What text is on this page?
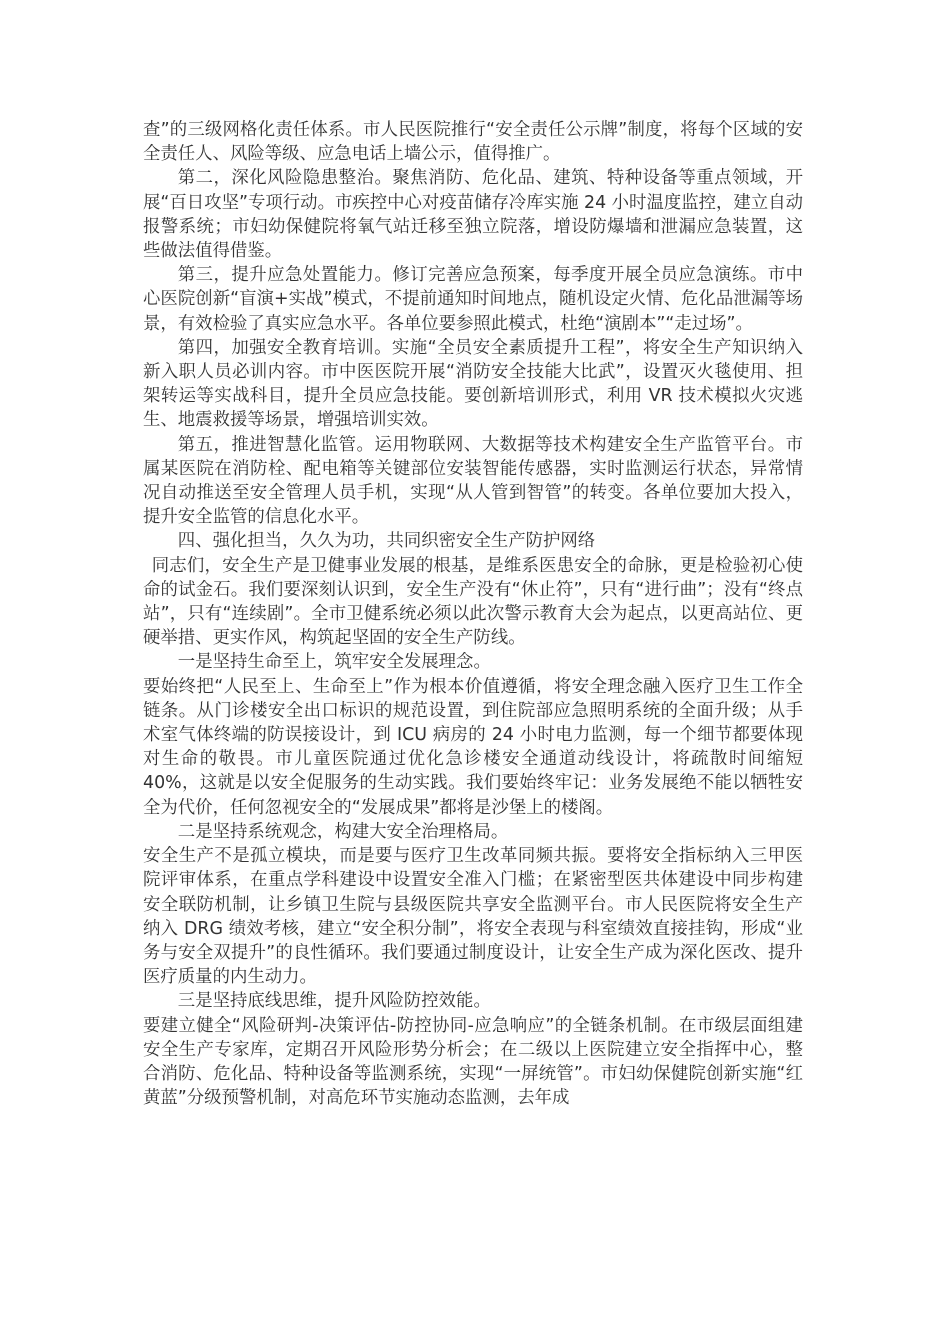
查”的三级网格化责任体系。市人民医院推行“安全责任公示牌”制度，将每个区域的安全责任人、风险等级、应急电话上墙公示，值得推广。

第二，深化风险隐患整治。聚焦消防、危化品、建筑、特种设备等重点领域，开展“百日攻坚”专项行动。市疾控中心对疫苗储存冷库实施 24 小时温度监控，建立自动报警系统；市妇幼保健院将氧气站迁移至独立院落，增设防爆墙和泄漏应急装置，这些做法值得借鉴。

第三，提升应急处置能力。修订完善应急预案，每季度开展全员应急演练。市中心医院创新“盲演+实战”模式，不提前通知时间地点，随机设定火情、危化品泄漏等场景，有效检验了真实应急水平。各单位要参照此模式，杜绝“演剧本”“走过场”。

第四，加强安全教育培训。实施“全员安全素质提升工程”，将安全生产知识纳入新入职人员必训内容。市中医医院开展“消防安全技能大比武”，设置灭火毯使用、担架转运等实战科目，提升全员应急技能。要创新培训形式，利用 VR 技术模拟火灾逃生、地震救援等场景，增强培训实效。

第五，推进智慧化监管。运用物联网、大数据等技术构建安全生产监管平台。市属某医院在消防栓、配电箱等关键部位安装智能传感器，实时监测运行状态，异常情况自动推送至安全管理人员手机，实现“从人管到智管”的转变。各单位要加大投入，提升安全监管的信息化水平。

四、强化担当，久久为功，共同织密安全生产防护网络

同志们，安全生产是卫健事业发展的根基，是维系医患安全的命脉，更是检验初心使命的试金石。我们要深刻认识到，安全生产没有“休止符”，只有“进行曲”；没有“终点站”，只有“连续剧”。全市卫健系统必须以此次警示教育大会为起点，以更高站位、更硬举措、更实作风，构筑起坚固的安全生产防线。

一是坚持生命至上，筑牢安全发展理念。

要始终把“人民至上、生命至上”作为根本价值遵循，将安全理念融入医疗卫生工作全链条。从门诊楼安全出口标识的规范设置，到住院部应急照明系统的全面升级；从手术室气体终端的防误接设计，到 ICU 病房的 24 小时电力监测，每一个细节都要体现对生命的敬畏。市儿童医院通过优化急诊楼安全通道动线设计，将疏散时间缩短 40%，这就是以安全促服务的生动实践。我们要始终牢记：业务发展绝不能以牺牲安全为代价，任何忽视安全的“发展成果”都将是沙堡上的楼阁。

二是坚持系统观念，构建大安全治理格局。

安全生产不是孤立模块，而是要与医疗卫生改革同频共振。要将安全指标纳入三甲医院评审体系，在重点学科建设中设置安全准入门槛；在紧密型医共体建设中同步构建安全联防机制，让乡镇卫生院与县级医院共享安全监测平台。市人民医院将安全生产纳入 DRG 绩效考核，建立“安全积分制”，将安全表现与科室绩效直接挂钩，形成“业务与安全双提升”的良性循环。我们要通过制度设计，让安全生产成为深化医改、提升医疗质量的内生动力。

三是坚持底线思维，提升风险防控效能。

要建立健全“风险研判-决策评估-防控协同-应急响应”的全链条机制。在市级层面组建安全生产专家库，定期召开风险形势分析会；在二级以上医院建立安全指挥中心，整合消防、危化品、特种设备等监测系统，实现“一屏统管”。市妇幼保健院创新实施“红黄蓝”分级预警机制，对高危环节实施动态监测，去年成
